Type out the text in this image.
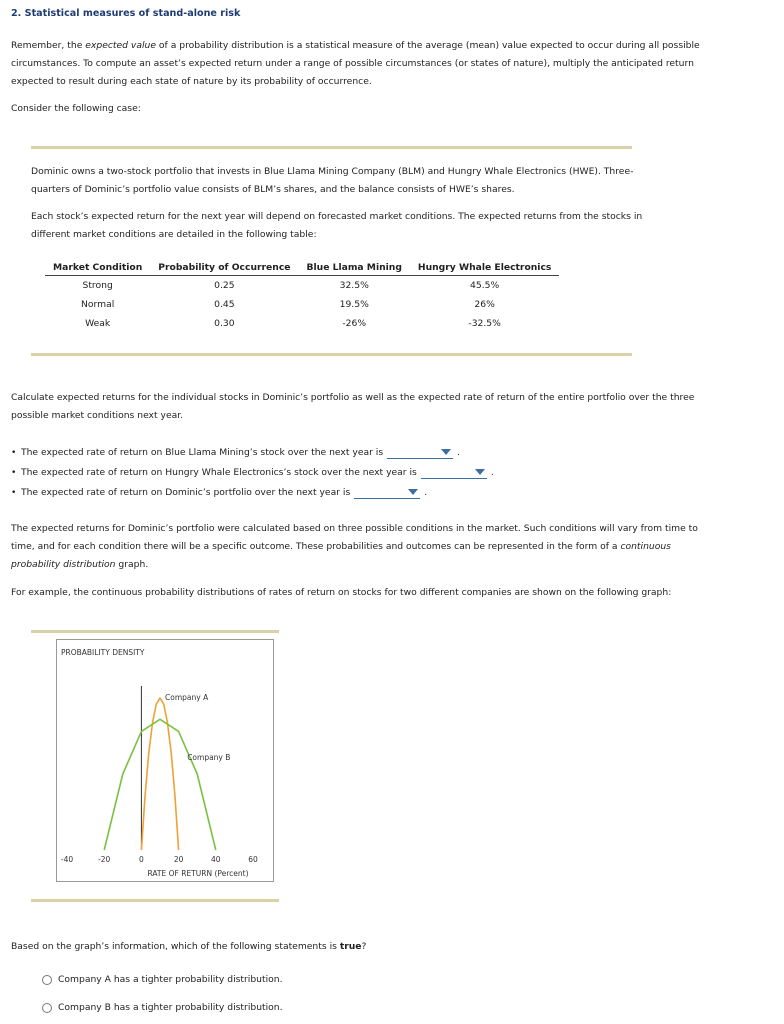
2. Statistical measures of stand-alone risk
Remember, the expected value of a probability distribution is a statistical measure of the average (mean) value expected to occur during all possible circumstances. To compute an asset’s expected return under a range of possible circumstances (or states of nature), multiply the anticipated return expected to result during each state of nature by its probability of occurrence.
Consider the following case:
Dominic owns a two-stock portfolio that invests in Blue Llama Mining Company (BLM) and Hungry Whale Electronics (HWE). Three-quarters of Dominic’s portfolio value consists of BLM’s shares, and the balance consists of HWE’s shares.
Each stock’s expected return for the next year will depend on forecasted market conditions. The expected returns from the stocks in different market conditions are detailed in the following table:
Market Condition	Probability of Occurrence	Blue Llama Mining	Hungry Whale Electronics
Strong	0.25	32.5%	45.5%
Normal	0.45	19.5%	26%
Weak	0.30	-26%	-32.5%
Calculate expected returns for the individual stocks in Dominic’s portfolio as well as the expected rate of return of the entire portfolio over the three possible market conditions next year.
• The expected rate of return on Blue Llama Mining’s stock over the next year is	.
• The expected rate of return on Hungry Whale Electronics’s stock over the next year is	.
• The expected rate of return on Dominic’s portfolio over the next year is	.
The expected returns for Dominic’s portfolio were calculated based on three possible conditions in the market. Such conditions will vary from time to time, and for each condition there will be a specific outcome. These probabilities and outcomes can be represented in the form of a continuous probability distribution graph.
For example, the continuous probability distributions of rates of return on stocks for two different companies are shown on the following graph:
PROBABILITY DENSITY
-40	-20	0	20	40	60
Company A
Company B
RATE OF RETURN (Percent)
Based on the graph’s information, which of the following statements is true?
Company A has a tighter probability distribution.
Company B has a tighter probability distribution.
